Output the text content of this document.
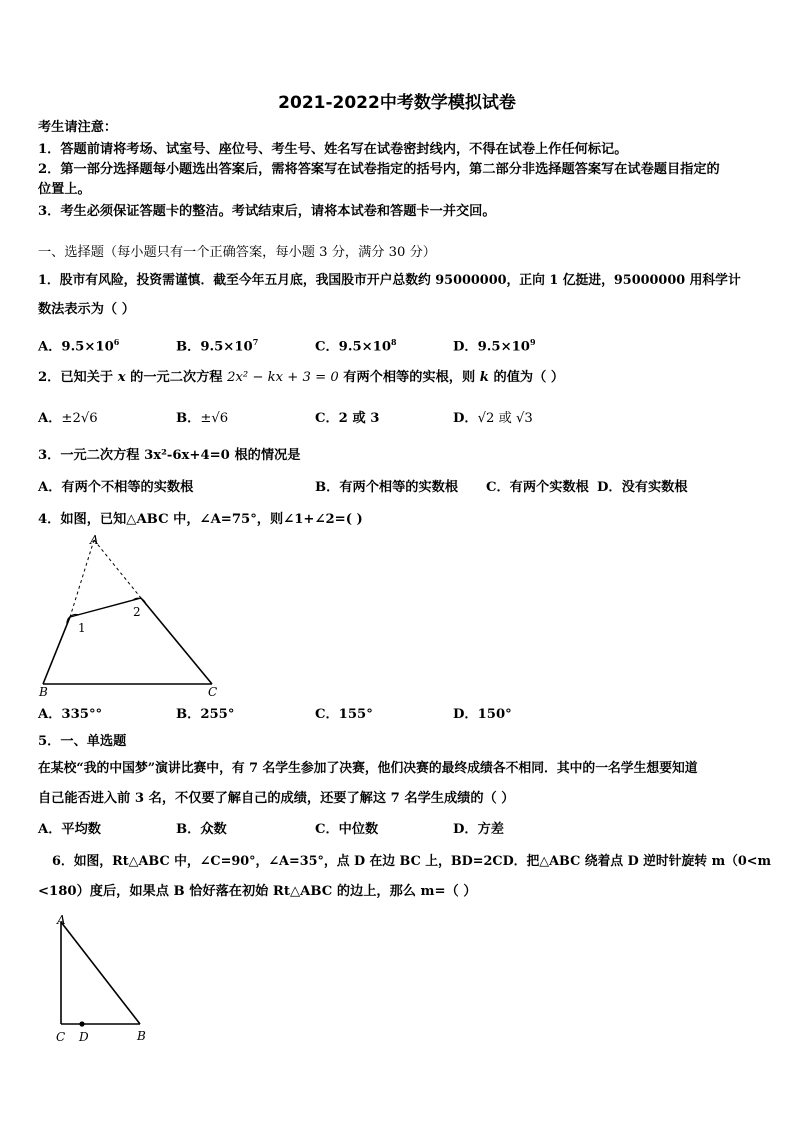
2021-2022中考数学模拟试卷
考生请注意：
1．答题前请将考场、试室号、座位号、考生号、姓名写在试卷密封线内，不得在试卷上作任何标记。
2．第一部分选择题每小题选出答案后，需将答案写在试卷指定的括号内，第二部分非选择题答案写在试卷题目指定的
位置上。
3．考生必须保证答题卡的整洁。考试结束后，请将本试卷和答题卡一并交回。
一、选择题（每小题只有一个正确答案，每小题 3 分，满分 30 分）
1．股市有风险，投资需谨慎．截至今年五月底，我国股市开户总数约 95000000，正向 1 亿挺进，95000000 用科学计
数法表示为（ ）
A．$9.5\times 10^6$	B．$9.5\times 10^7$	C．$9.5\times 10^8$	D．$9.5\times 10^9$
2．已知关于 x 的一元二次方程 2x² − kx + 3 = 0 有两个相等的实根，则 k 的值为（ ）
A．±2√6	B．±√6	C．2 或 3	D．√2 或 √3
3．一元二次方程 3x²-6x+4=0 根的情况是
A．有两个不相等的实数根	B．有两个相等的实数根 C．有两个实数根 D．没有实数根
4．如图，已知△ABC 中，∠A=75°，则∠1+∠2=( )
A
B	C
1
2
A．335°°	B．255°	C．155°	D．150°
5．一、单选题
在某校“我的中国梦”演讲比赛中，有 7 名学生参加了决赛，他们决赛的最终成绩各不相同．其中的一名学生想要知道
自己能否进入前 3 名，不仅要了解自己的成绩，还要了解这 7 名学生成绩的（ ）
A．平均数	B．众数	C．中位数	D．方差
6．如图，Rt△ABC 中，∠C=90°，∠A=35°，点 D 在边 BC 上，BD=2CD．把△ABC 绕着点 D 逆时针旋转 m（0<m
<180）度后，如果点 B 恰好落在初始 Rt△ABC 的边上，那么 m=（ ）
A
C D	B
